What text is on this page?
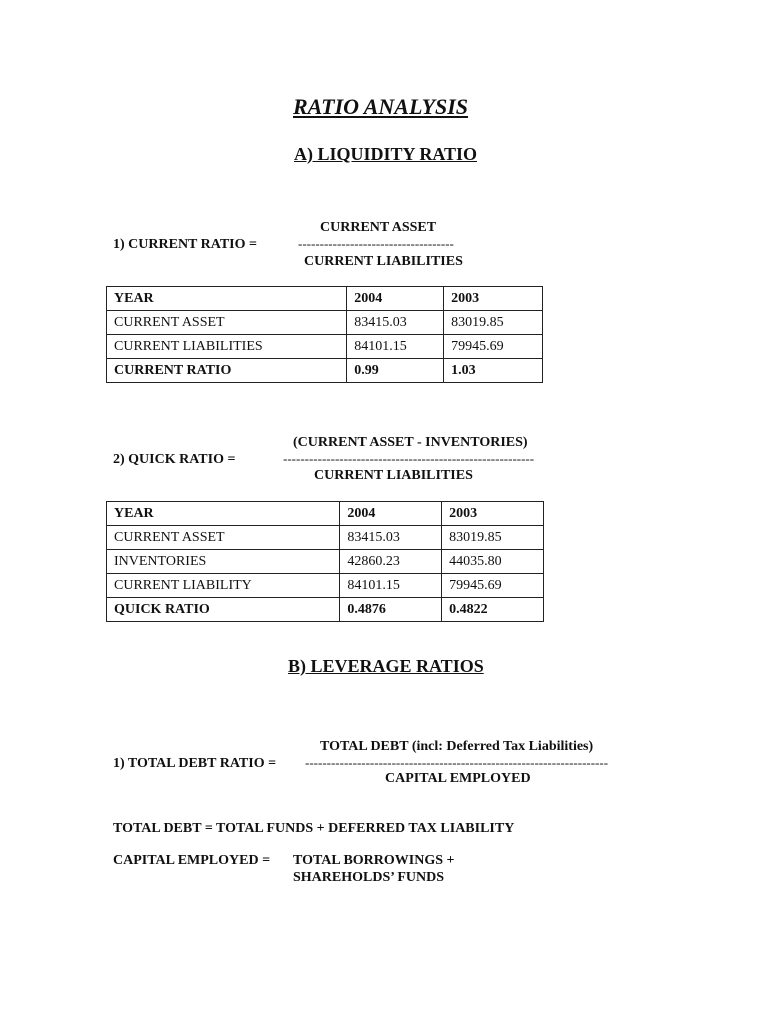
RATIO ANALYSIS
A) LIQUIDITY RATIO
CURRENT ASSET
1) CURRENT RATIO =	------------------------------------
CURRENT LIABILITIES
YEAR	2004	2003
CURRENT ASSET	83415.03	83019.85
CURRENT LIABILITIES	84101.15	79945.69
CURRENT RATIO	0.99	1.03
(CURRENT ASSET - INVENTORIES)
2) QUICK RATIO =	----------------------------------------------------------
CURRENT LIABILITIES
YEAR	2004	2003
CURRENT ASSET	83415.03	83019.85
INVENTORIES	42860.23	44035.80
CURRENT LIABILITY	84101.15	79945.69
QUICK RATIO	0.4876	0.4822
B) LEVERAGE RATIOS
TOTAL DEBT (incl: Deferred Tax Liabilities)
1) TOTAL DEBT RATIO = ----------------------------------------------------------------------
CAPITAL EMPLOYED
TOTAL DEBT = TOTAL FUNDS + DEFERRED TAX LIABILITY
CAPITAL EMPLOYED = TOTAL BORROWINGS +
SHAREHOLDS’ FUNDS
